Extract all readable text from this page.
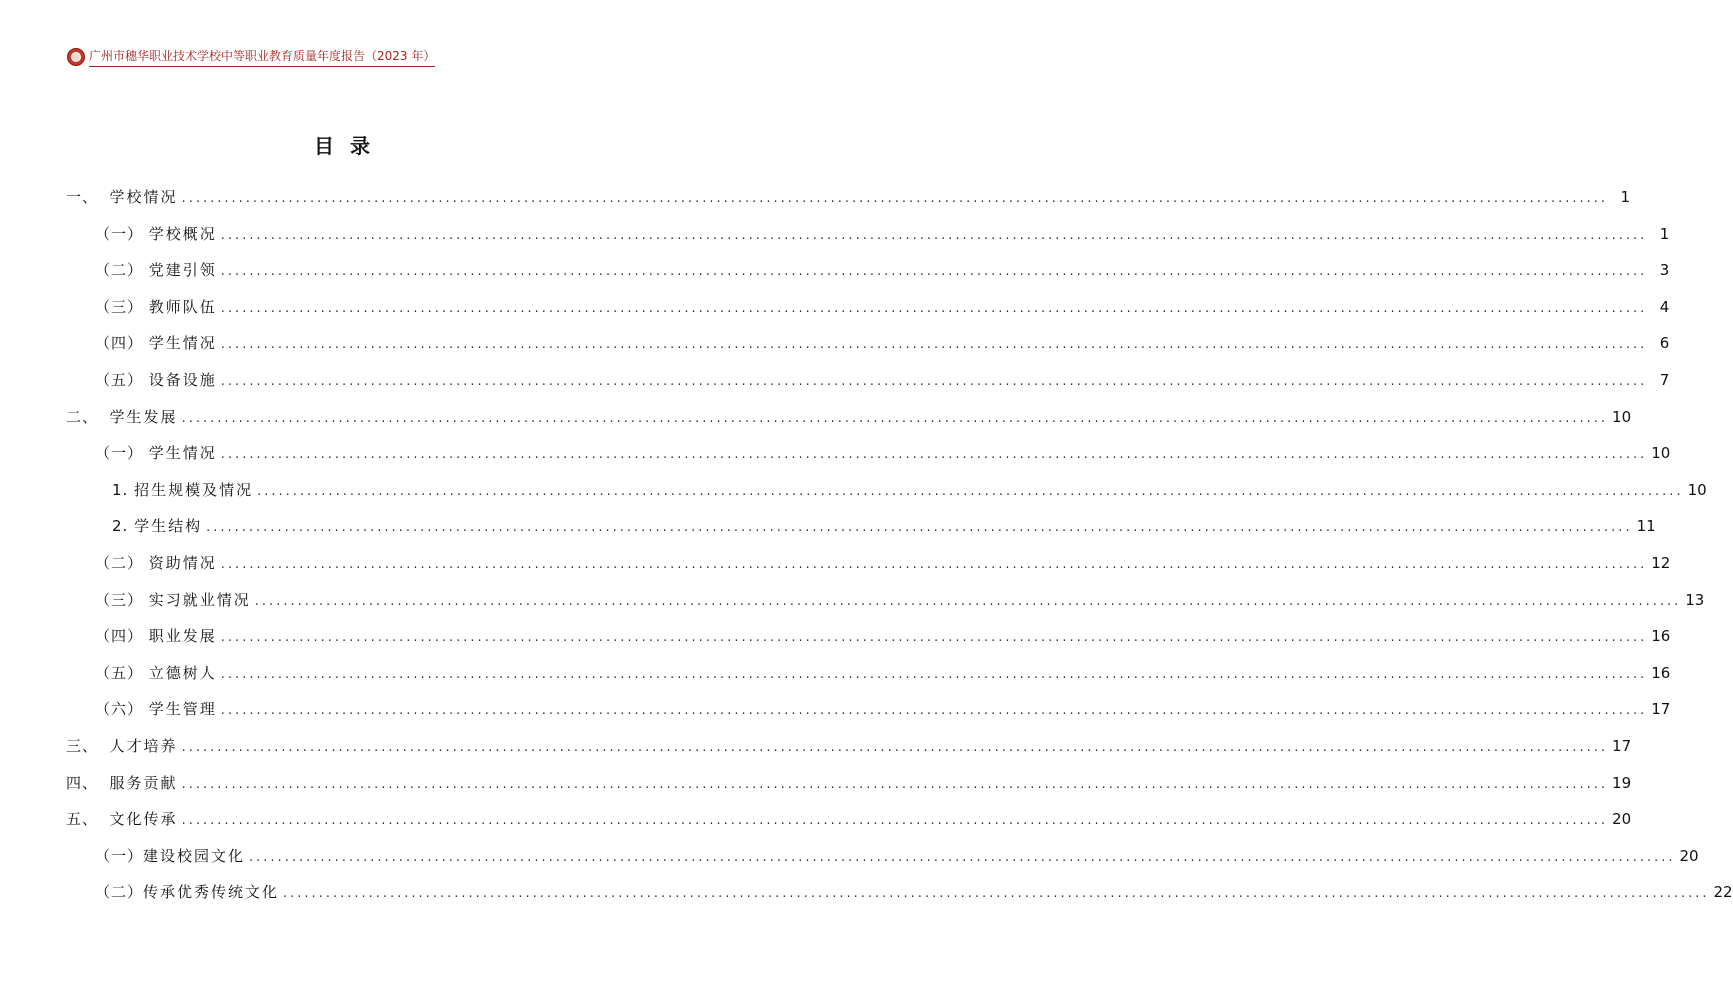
广州市穗华职业技术学校中等职业教育质量年度报告（2023 年）
目录
一、 学校情况 ........................................................................................................................................................................................................ 1
（一） 学校概况 ........................................................................................................................................................................................................ 1
（二） 党建引领 ........................................................................................................................................................................................................ 3
（三） 教师队伍 ........................................................................................................................................................................................................ 4
（四） 学生情况 ........................................................................................................................................................................................................ 6
（五） 设备设施 ........................................................................................................................................................................................................ 7
二、 学生发展 ........................................................................................................................................................................................................ 10
（一） 学生情况 ........................................................................................................................................................................................................ 10
1. 招生规模及情况 ........................................................................................................................................................................................................ 10
2. 学生结构 ........................................................................................................................................................................................................ 11
（二） 资助情况 ........................................................................................................................................................................................................ 12
（三） 实习就业情况 ........................................................................................................................................................................................................ 13
（四） 职业发展 ........................................................................................................................................................................................................ 16
（五） 立德树人 ........................................................................................................................................................................................................ 16
（六） 学生管理 ........................................................................................................................................................................................................ 17
三、 人才培养 ........................................................................................................................................................................................................ 17
四、 服务贡献 ........................................................................................................................................................................................................ 19
五、 文化传承 ........................................................................................................................................................................................................ 20
（一） 建设校园文化 ........................................................................................................................................................................................................ 20
（二） 传承优秀传统文化 ........................................................................................................................................................................................................ 22
